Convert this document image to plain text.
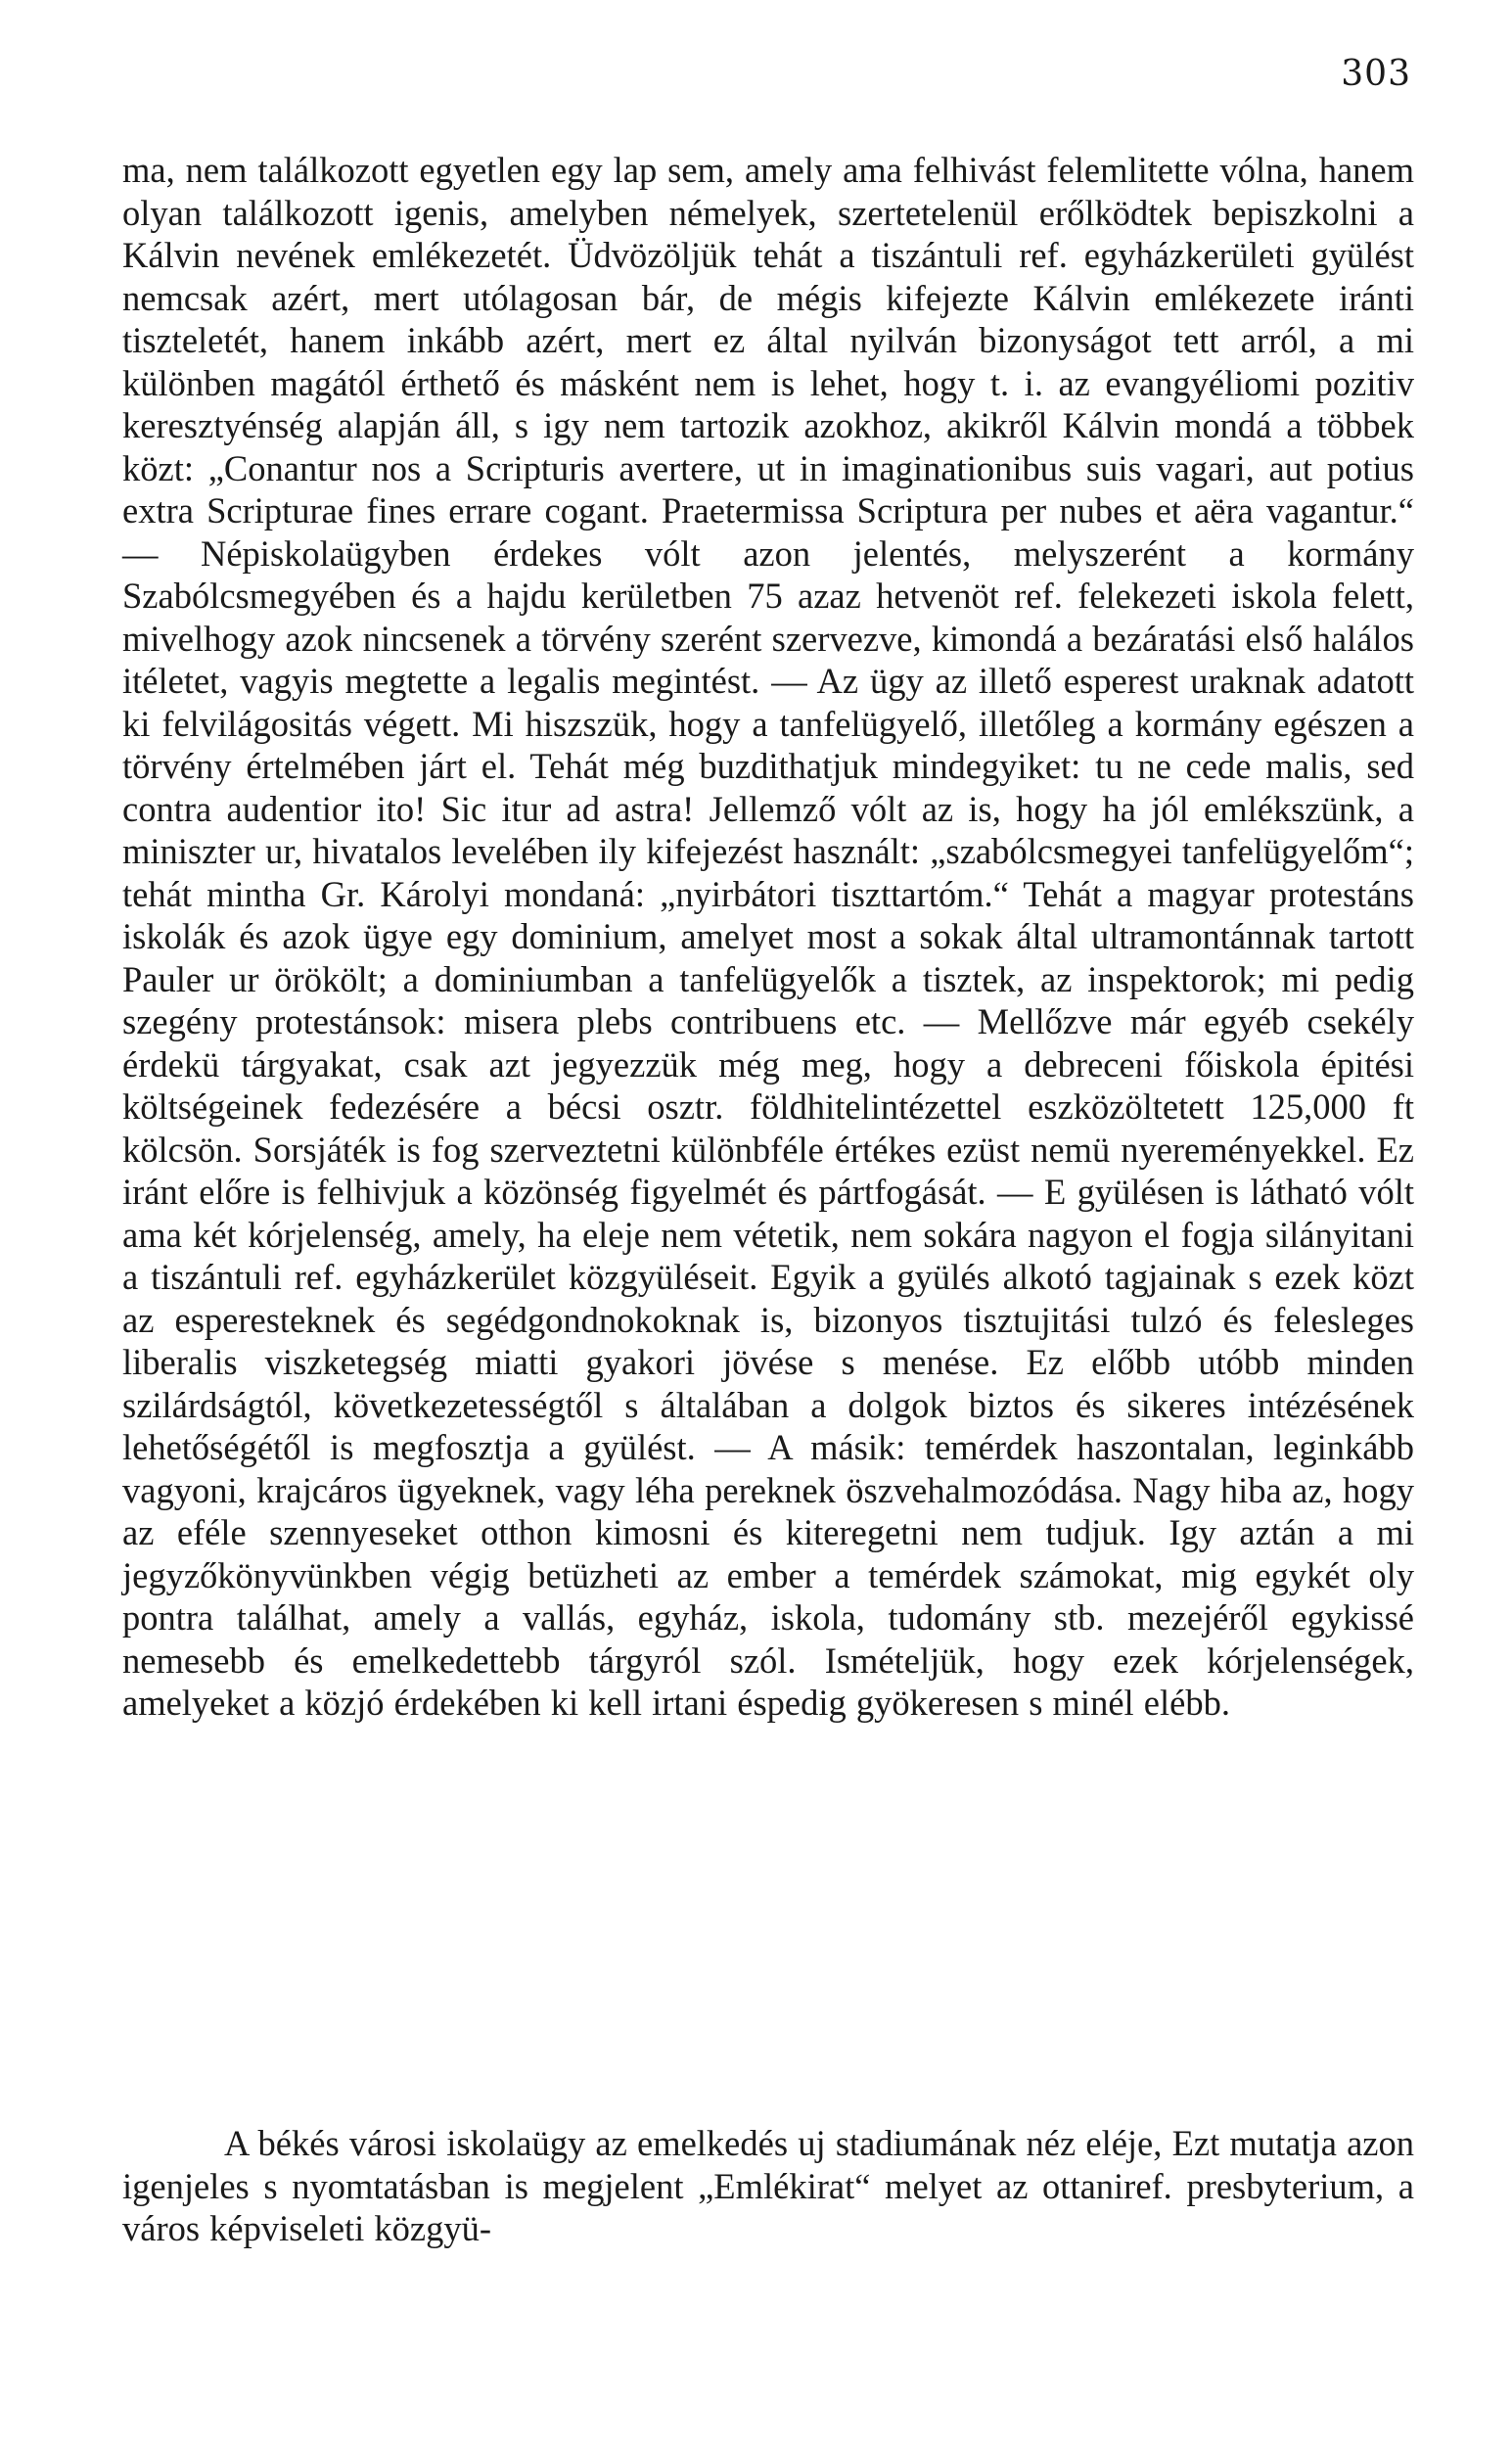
303
ma, nem találkozott egyetlen egy lap sem, amely ama felhivást felemlitette vólna, hanem olyan találkozott igenis, amelyben némelyek, szertetelenül erőlködtek bepiszkolni a Kálvin nevének emlékezetét. Üdvözöljük tehát a tiszántuli ref. egyházkerületi gyülést nemcsak azért, mert utólagosan bár, de mégis kifejezte Kálvin emlékezete iránti tiszteletét, hanem inkább azért, mert ez által nyilván bizonyságot tett arról, a mi különben magától érthető és másként nem is lehet, hogy t. i. az evangyéliomi pozitiv keresztyénség alapján áll, s igy nem tartozik azokhoz, akikről Kálvin mondá a többek közt: „Conantur nos a Scripturis avertere, ut in imaginationibus suis vagari, aut potius extra Scripturae fines errare cogant. Praetermissa Scriptura per nubes et aëra vagantur.“ — Népiskolaügyben érdekes vólt azon jelentés, melyszerént a kormány Szabólcsmegyében és a hajdu kerületben 75 azaz hetvenöt ref. felekezeti iskola felett, mivelhogy azok nincsenek a törvény szerént szervezve, kimondá a bezáratási első halálos itéletet, vagyis megtette a legalis megintést. — Az ügy az illető esperest uraknak adatott ki felvilágositás végett. Mi hiszszük, hogy a tanfelügyelő, illetőleg a kormány egészen a törvény értelmében járt el. Tehát még buzdithatjuk mindegyiket: tu ne cede malis, sed contra audentior ito! Sic itur ad astra! Jellemző vólt az is, hogy ha jól emlékszünk, a miniszter ur, hivatalos levelében ily kifejezést használt: „szabólcsmegyei tanfelügyelőm“; tehát mintha Gr. Károlyi mondaná: „nyirbátori tiszttartóm.“ Tehát a magyar protestáns iskolák és azok ügye egy dominium, amelyet most a sokak által ultramontánnak tartott Pauler ur örökölt; a dominiumban a tanfelügyelők a tisztek, az inspektorok; mi pedig szegény protestánsok: misera plebs contribuens etc. — Mellőzve már egyéb csekély érdekü tárgyakat, csak azt jegyezzük még meg, hogy a debreceni főiskola épitési költségeinek fedezésére a bécsi osztr. földhitelintézettel eszközöltetett 125,000 ft kölcsön. Sorsjáték is fog szerveztetni különbféle értékes ezüst nemü nyereményekkel. Ez iránt előre is felhivjuk a közönség figyelmét és pártfogását. — E gyülésen is látható vólt ama két kórjelenség, amely, ha eleje nem vétetik, nem sokára nagyon el fogja silányitani a tiszántuli ref. egyházkerület közgyüléseit. Egyik a gyülés alkotó tagjainak s ezek közt az esperesteknek és segédgondnokoknak is, bizonyos tisztujitási tulzó és felesleges liberalis viszketegség miatti gyakori jövése s menése. Ez előbb utóbb minden szilárdságtól, következetességtől s általában a dolgok biztos és sikeres intézésének lehetőségétől is megfosztja a gyülést. — A másik: temérdek haszontalan, leginkább vagyoni, krajcáros ügyeknek, vagy léha pereknek öszvehalmozódása. Nagy hiba az, hogy az eféle szennyeseket otthon kimosni és kiteregetni nem tudjuk. Igy aztán a mi jegyzőkönyvünkben végig betüzheti az ember a temérdek számokat, mig egykét oly pontra találhat, amely a vallás, egyház, iskola, tudomány stb. mezejéről egykissé nemesebb és emelkedettebb tárgyról szól. Ismételjük, hogy ezek kórjelenségek, amelyeket a közjó érdekében ki kell irtani éspedig gyökeresen s minél elébb.
A békés városi iskolaügy az emelkedés uj stadiumának néz eléje, Ezt mutatja azon igenjeles s nyomtatásban is megjelent „Emlékirat“ melyet az ottaniref. presbyterium, a város képviseleti közgyü-
